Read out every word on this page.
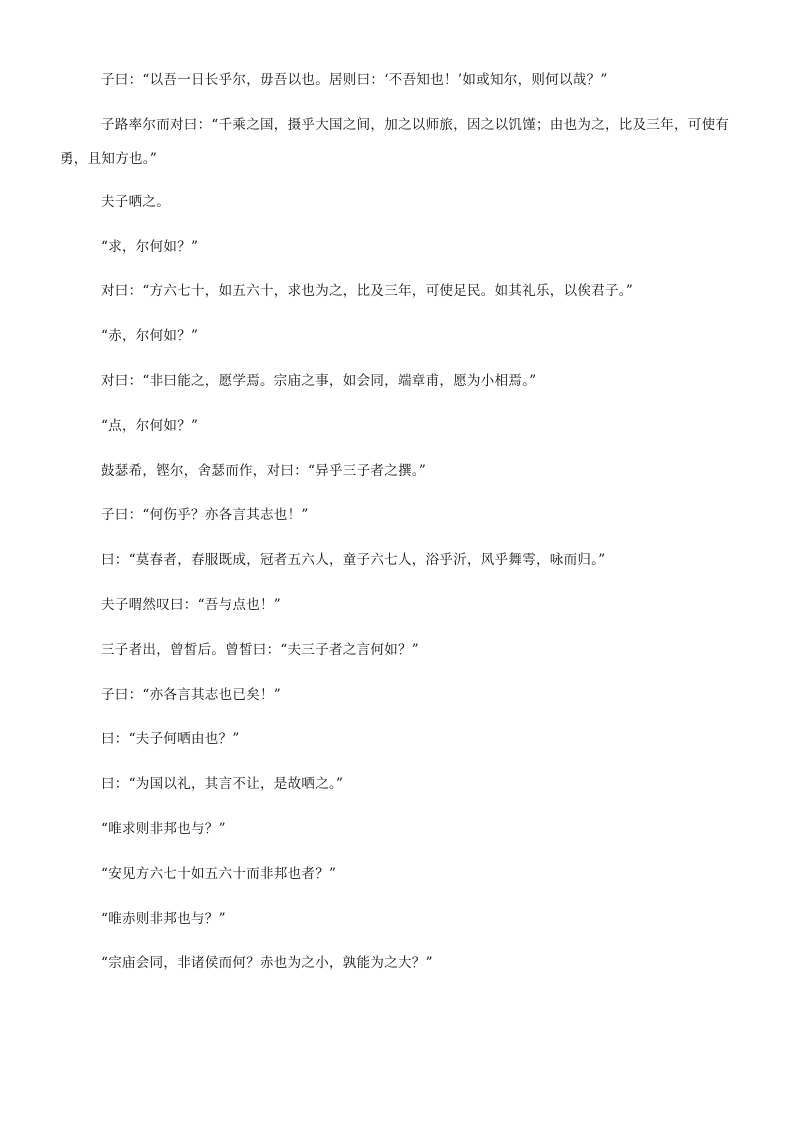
子曰：“以吾一日长乎尔，毋吾以也。居则曰：‘不吾知也！’如或知尔，则何以哉？”

子路率尔而对曰：“千乘之国，摄乎大国之间，加之以师旅，因之以饥馑；由也为之，比及三年，可使有勇，且知方也。”

夫子哂之。

“求，尔何如？”

对曰：“方六七十，如五六十，求也为之，比及三年，可使足民。如其礼乐，以俟君子。”

“赤，尔何如？”

对曰：“非曰能之，愿学焉。宗庙之事，如会同，端章甫，愿为小相焉。”

“点，尔何如？”

鼓瑟希，铿尔，舍瑟而作，对曰：“异乎三子者之撰。”

子曰：“何伤乎？亦各言其志也！”

曰：“莫春者，春服既成，冠者五六人，童子六七人，浴乎沂，风乎舞雩，咏而归。”

夫子喟然叹曰：“吾与点也！”

三子者出，曾皙后。曾皙曰：“夫三子者之言何如？”

子曰：“亦各言其志也已矣！”

曰：“夫子何哂由也？”

曰：“为国以礼，其言不让，是故哂之。”

“唯求则非邦也与？”

“安见方六七十如五六十而非邦也者？”

“唯赤则非邦也与？”

“宗庙会同，非诸侯而何？赤也为之小，孰能为之大？”
